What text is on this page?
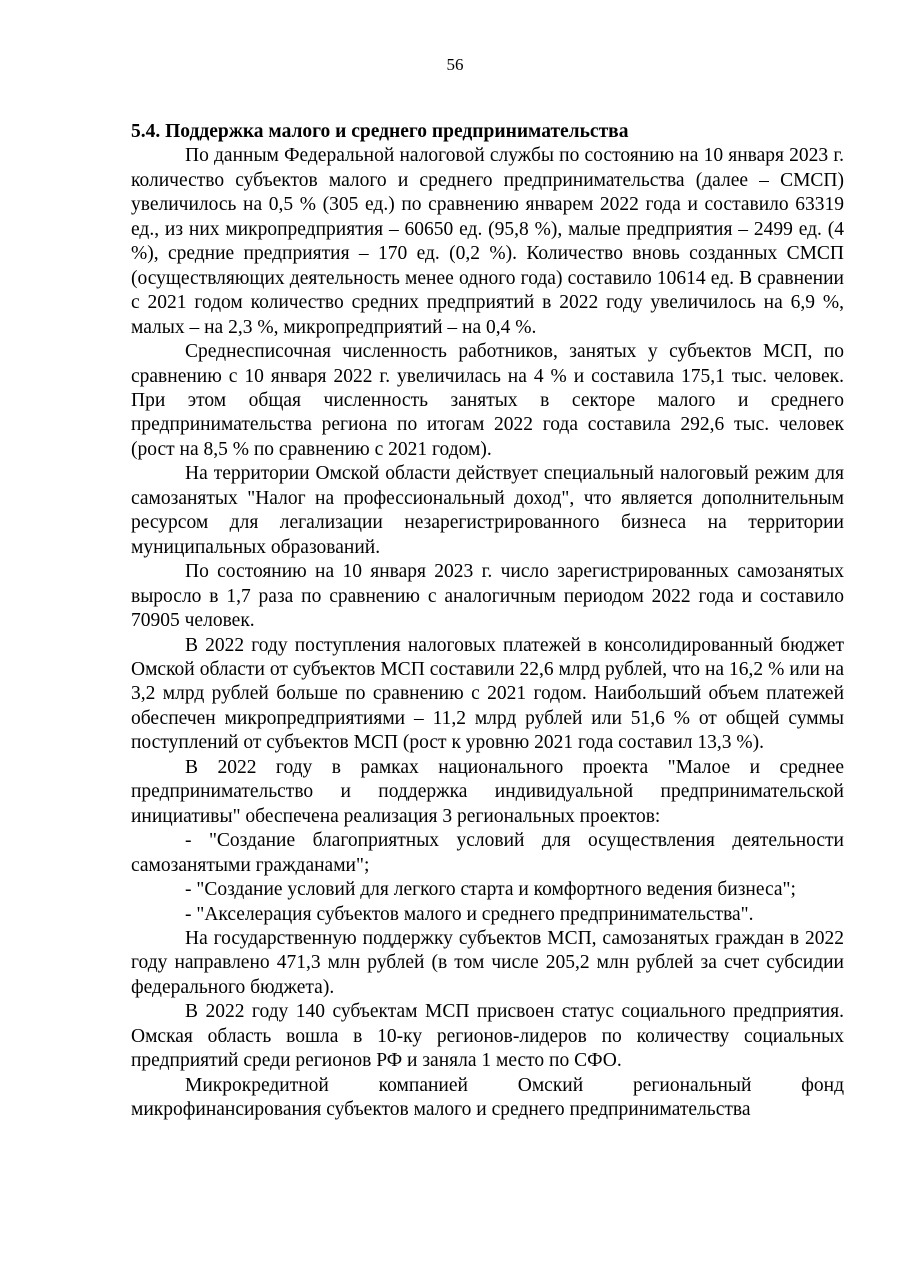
56

5.4. Поддержка малого и среднего предпринимательства

По данным Федеральной налоговой службы по состоянию на 10 января 2023 г. количество субъектов малого и среднего предпринимательства (далее – СМСП) увеличилось на 0,5 % (305 ед.) по сравнению январем 2022 года и составило 63319 ед., из них микропредприятия – 60650 ед. (95,8 %), малые предприятия – 2499 ед. (4 %), средние предприятия – 170 ед. (0,2 %). Количество вновь созданных СМСП (осуществляющих деятельность менее одного года) составило 10614 ед. В сравнении с 2021 годом количество средних предприятий в 2022 году увеличилось на 6,9 %, малых – на 2,3 %, микропредприятий – на 0,4 %.

Среднесписочная численность работников, занятых у субъектов МСП, по сравнению с 10 января 2022 г. увеличилась на 4 % и составила 175,1 тыс. человек. При этом общая численность занятых в секторе малого и среднего предпринимательства региона по итогам 2022 года составила 292,6 тыс. человек (рост на 8,5 % по сравнению с 2021 годом).

На территории Омской области действует специальный налоговый режим для самозанятых "Налог на профессиональный доход", что является дополнительным ресурсом для легализации незарегистрированного бизнеса на территории муниципальных образований.

По состоянию на 10 января 2023 г. число зарегистрированных самозанятых выросло в 1,7 раза по сравнению с аналогичным периодом 2022 года и составило 70905 человек.

В 2022 году поступления налоговых платежей в консолидированный бюджет Омской области от субъектов МСП составили 22,6 млрд рублей, что на 16,2 % или на 3,2 млрд рублей больше по сравнению с 2021 годом. Наибольший объем платежей обеспечен микропредприятиями – 11,2 млрд рублей или 51,6 % от общей суммы поступлений от субъектов МСП (рост к уровню 2021 года составил 13,3 %).

В 2022 году в рамках национального проекта "Малое и среднее предпринимательство и поддержка индивидуальной предпринимательской инициативы" обеспечена реализация 3 региональных проектов:

- "Создание благоприятных условий для осуществления деятельности самозанятыми гражданами";

- "Создание условий для легкого старта и комфортного ведения бизнеса";

- "Акселерация субъектов малого и среднего предпринимательства".

На государственную поддержку субъектов МСП, самозанятых граждан в 2022 году направлено 471,3 млн рублей (в том числе 205,2 млн рублей за счет субсидии федерального бюджета).

В 2022 году 140 субъектам МСП присвоен статус социального предприятия. Омская область вошла в 10-ку регионов-лидеров по количеству социальных предприятий среди регионов РФ и заняла 1 место по СФО.

Микрокредитной компанией Омский региональный фонд микрофинансирования субъектов малого и среднего предпринимательства
